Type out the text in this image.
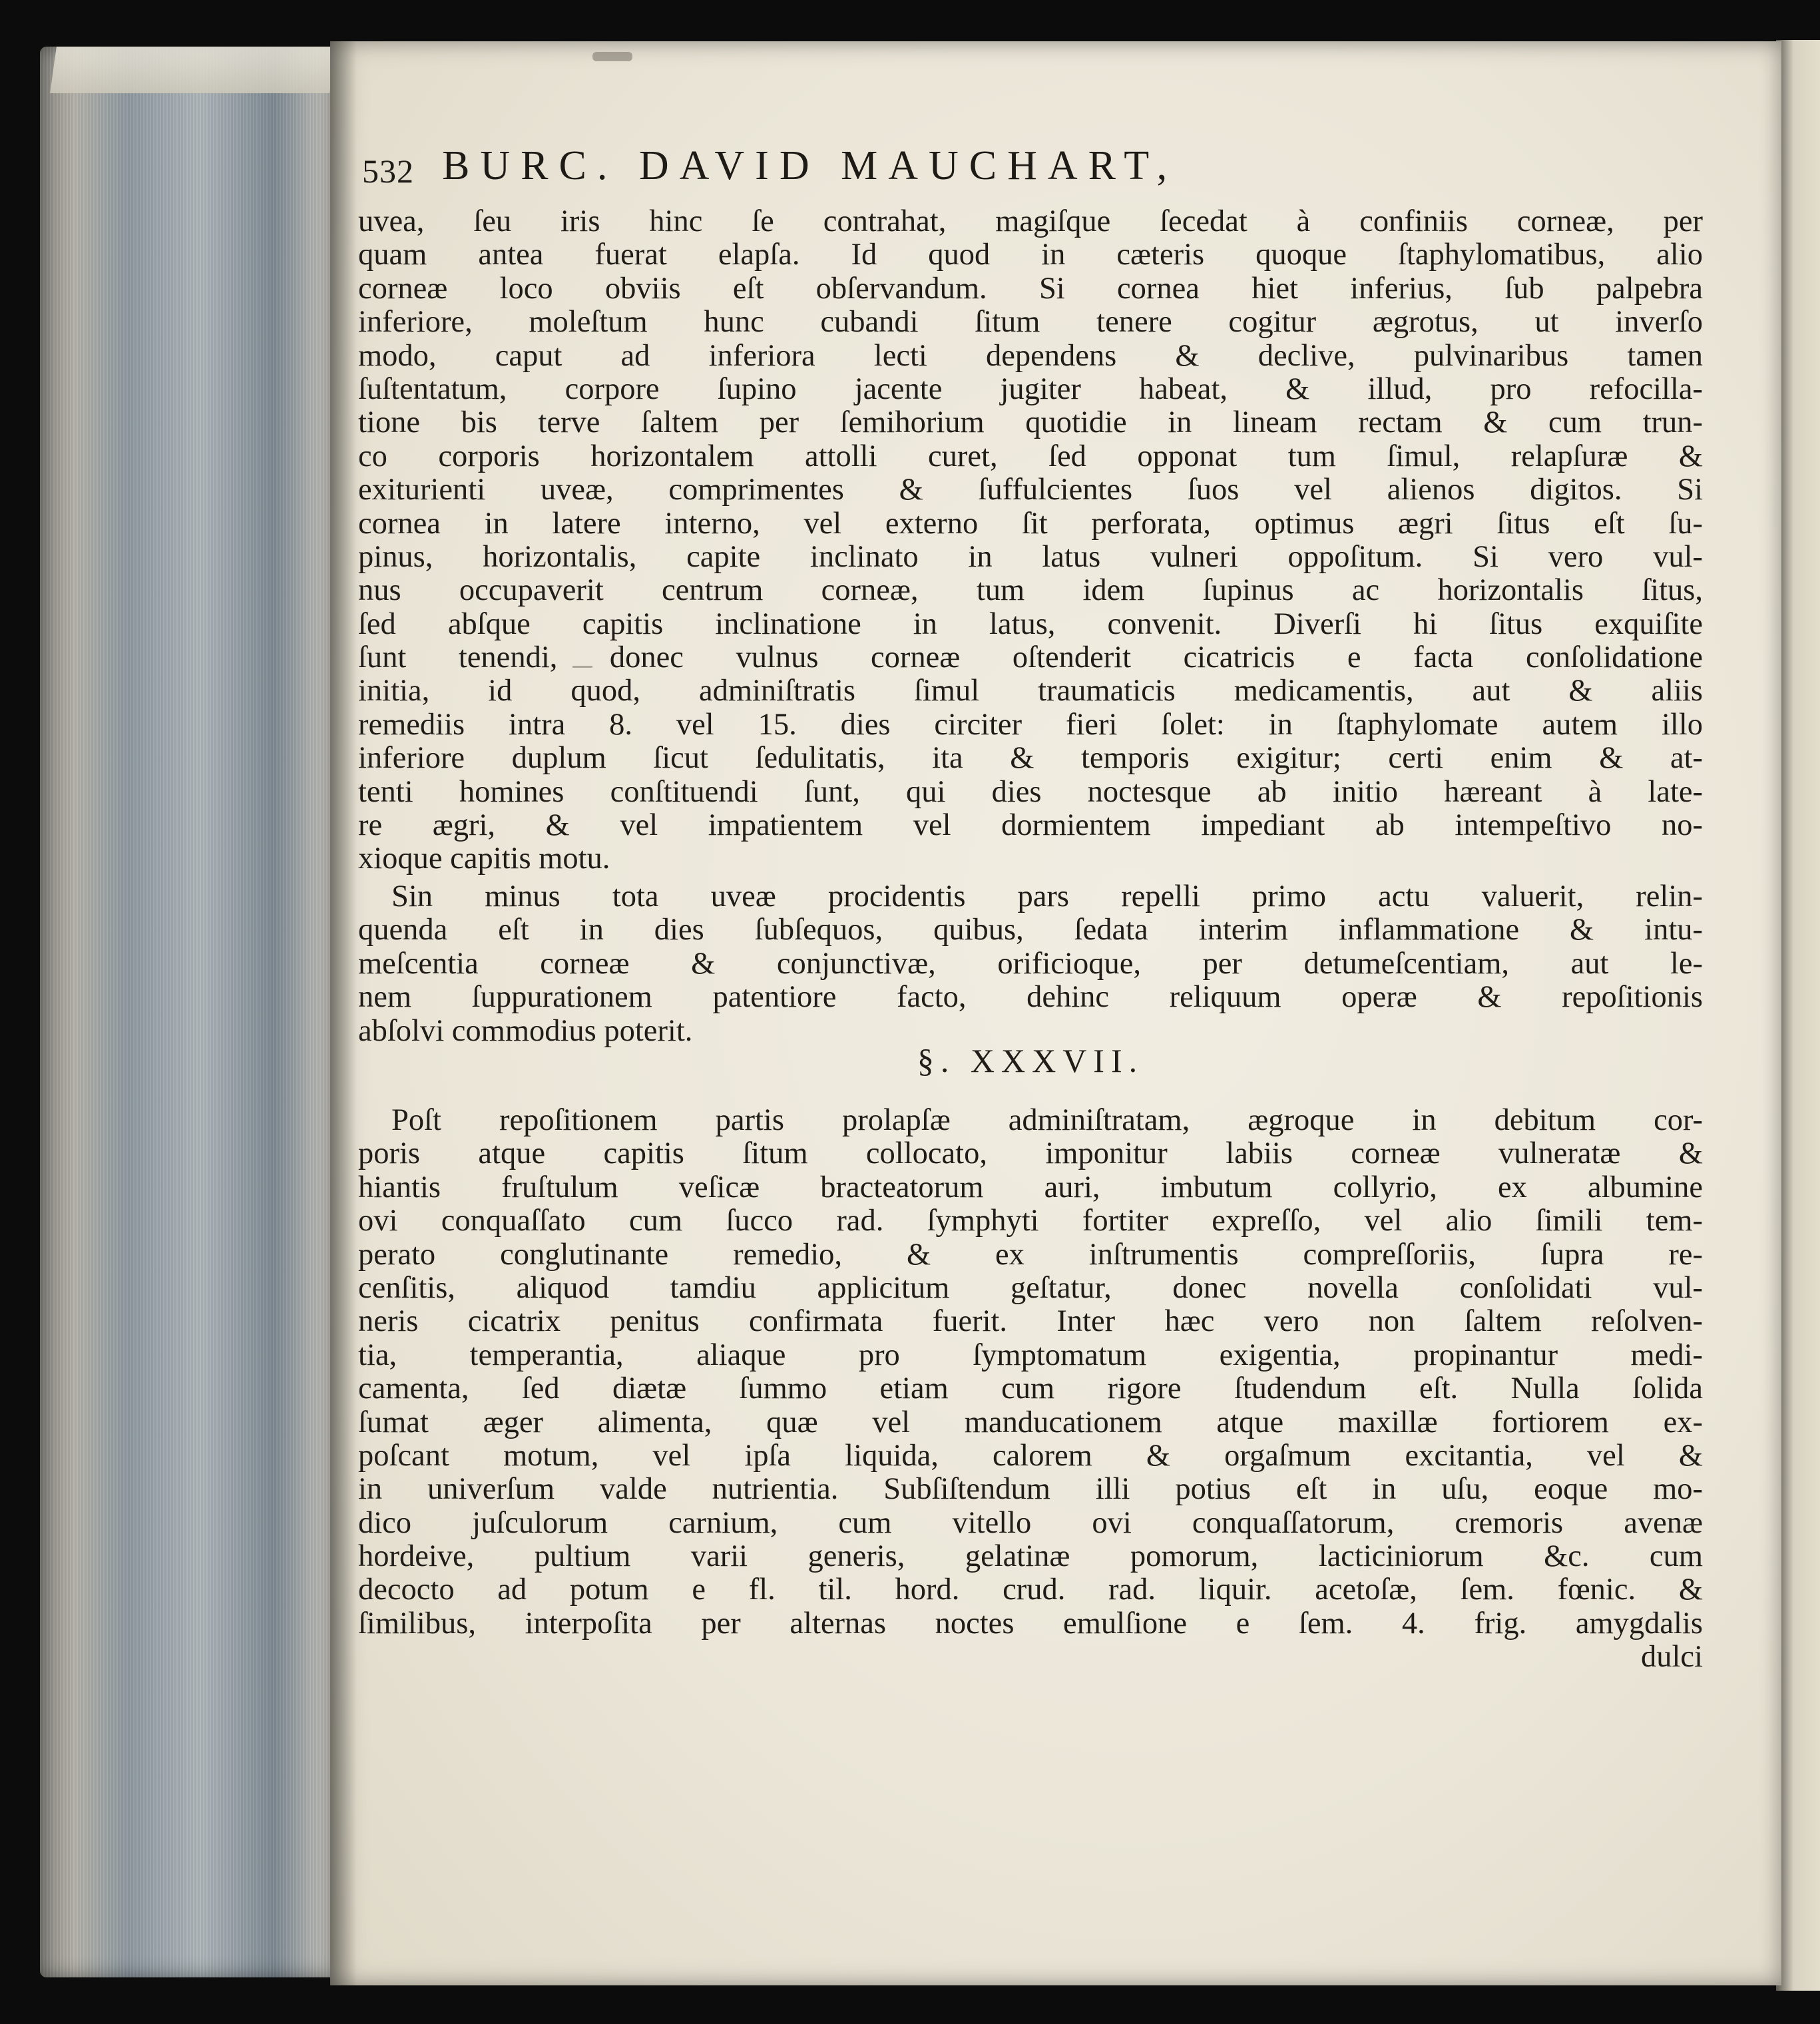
532 BURC. DAVID MAUCHART,
uvea, ſeu iris hinc ſe contrahat, magiſque ſecedat à confiniis corneæ, per
quam antea fuerat elapſa. Id quod in cæteris quoque ſtaphylomatibus, alio
corneæ loco obviis eſt obſervandum. Si cornea hiet inferius, ſub palpebra
inferiore, moleſtum hunc cubandi ſitum tenere cogitur ægrotus, ut inverſo
modo, caput ad inferiora lecti dependens & declive, pulvinaribus tamen
ſuſtentatum, corpore ſupino jacente jugiter habeat, & illud, pro refocilla-
tione bis terve ſaltem per ſemihorium quotidie in lineam rectam & cum trun-
co corporis horizontalem attolli curet, ſed opponat tum ſimul, relapſuræ &
exiturienti uveæ, comprimentes & ſuffulcientes ſuos vel alienos digitos. Si
cornea in latere interno, vel externo ſit perforata, optimus ægri ſitus eſt ſu-
pinus, horizontalis, capite inclinato in latus vulneri oppoſitum. Si vero vul-
nus occupaverit centrum corneæ, tum idem ſupinus ac horizontalis ſitus,
ſed abſque capitis inclinatione in latus, convenit. Diverſi hi ſitus exquiſite
ſunt tenendi, donec vulnus corneæ oſtenderit cicatricis e facta conſolidatione
initia, id quod, adminiſtratis ſimul traumaticis medicamentis, aut & aliis
remediis intra 8. vel 15. dies circiter fieri ſolet: in ſtaphylomate autem illo
inferiore duplum ſicut ſedulitatis, ita & temporis exigitur; certi enim & at-
tenti homines conſtituendi ſunt, qui dies noctesque ab initio hæreant à late-
re ægri, & vel impatientem vel dormientem impediant ab intempeſtivo no-
xioque capitis motu.
Sin minus tota uveæ procidentis pars repelli primo actu valuerit, relin-
quenda eſt in dies ſubſequos, quibus, ſedata interim inflammatione & intu-
meſcentia corneæ & conjunctivæ, orificioque, per detumeſcentiam, aut le-
nem ſuppurationem patentiore facto, dehinc reliquum operæ & repoſitionis
abſolvi commodius poterit.
§. XXXVII.
Poſt repoſitionem partis prolapſæ adminiſtratam, ægroque in debitum cor-
poris atque capitis ſitum collocato, imponitur labiis corneæ vulneratæ &
hiantis fruſtulum veſicæ bracteatorum auri, imbutum collyrio, ex albumine
ovi conquaſſato cum ſucco rad. ſymphyti fortiter expreſſo, vel alio ſimili tem-
perato conglutinante remedio, & ex inſtrumentis compreſſoriis, ſupra re-
cenſitis, aliquod tamdiu applicitum geſtatur, donec novella conſolidati vul-
neris cicatrix penitus confirmata fuerit. Inter hæc vero non ſaltem reſolven-
tia, temperantia, aliaque pro ſymptomatum exigentia, propinantur medi-
camenta, ſed diætæ ſummo etiam cum rigore ſtudendum eſt. Nulla ſolida
ſumat æger alimenta, quæ vel manducationem atque maxillæ fortiorem ex-
poſcant motum, vel ipſa liquida, calorem & orgaſmum excitantia, vel &
in univerſum valde nutrientia. Subſiſtendum illi potius eſt in uſu, eoque mo-
dico juſculorum carnium, cum vitello ovi conquaſſatorum, cremoris avenæ
hordeive, pultium varii generis, gelatinæ pomorum, lacticiniorum &c. cum
decocto ad potum e fl. til. hord. crud. rad. liquir. acetoſæ, ſem. fœnic. &
ſimilibus, interpoſita per alternas noctes emulſione e ſem. 4. frig. amygdalis
dulci
